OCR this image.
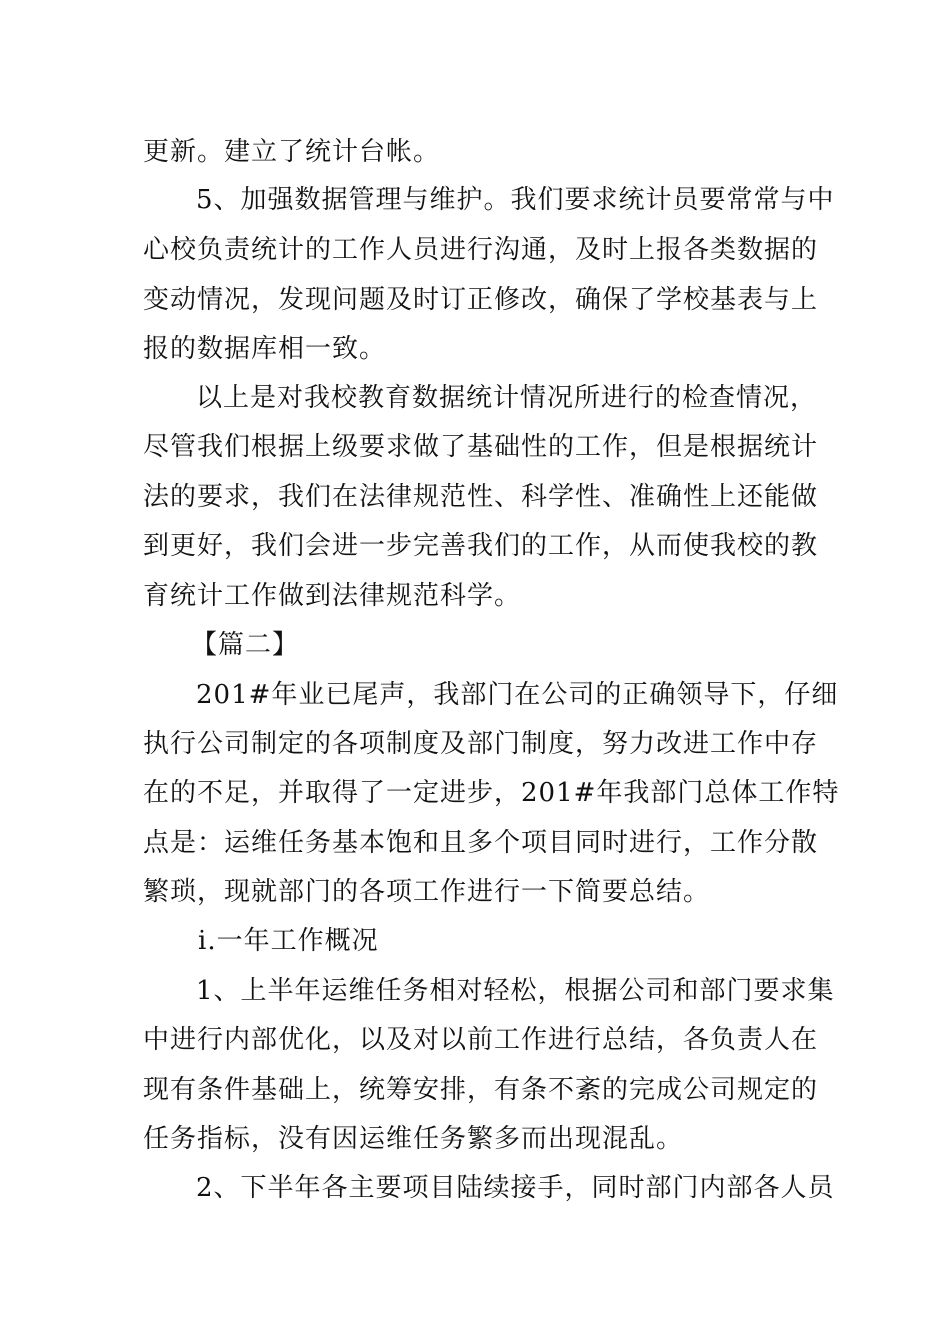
更新。建立了统计台帐。
5、加强数据管理与维护。我们要求统计员要常常与中
心校负责统计的工作人员进行沟通，及时上报各类数据的
变动情况，发现问题及时订正修改，确保了学校基表与上
报的数据库相一致。
以上是对我校教育数据统计情况所进行的检查情况，
尽管我们根据上级要求做了基础性的工作，但是根据统计
法的要求，我们在法律规范性、科学性、准确性上还能做
到更好，我们会进一步完善我们的工作，从而使我校的教
育统计工作做到法律规范科学。
【篇二】
201#年业已尾声，我部门在公司的正确领导下，仔细
执行公司制定的各项制度及部门制度，努力改进工作中存
在的不足，并取得了一定进步，201#年我部门总体工作特
点是：运维任务基本饱和且多个项目同时进行，工作分散
繁琐，现就部门的各项工作进行一下简要总结。
ⅰ.一年工作概况
1、上半年运维任务相对轻松，根据公司和部门要求集
中进行内部优化，以及对以前工作进行总结，各负责人在
现有条件基础上，统筹安排，有条不紊的完成公司规定的
任务指标，没有因运维任务繁多而出现混乱。
2、下半年各主要项目陆续接手，同时部门内部各人员
